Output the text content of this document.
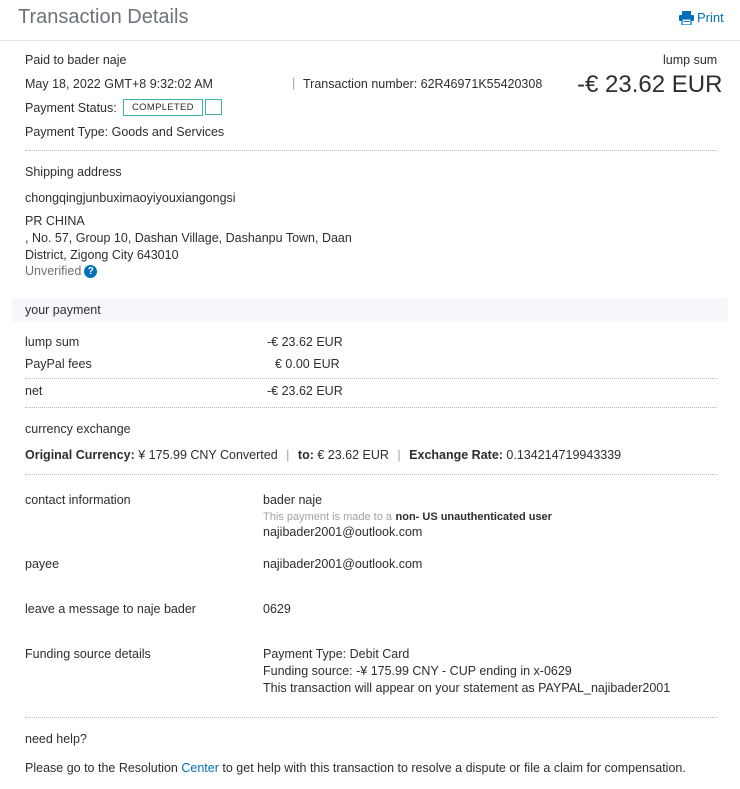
Transaction Details	Print
Paid to bader naje
May 18, 2022 GMT+8 9:32:02 AM	| Transaction number: 62R46971K55420308
lump sum
-€ 23.62 EUR
Payment Status:	COMPLETED
Payment Type: Goods and Services
Shipping address
chongqingjunbuximaoyiyouxiangongsi
PR CHINA
, No. 57, Group 10, Dashan Village, Dashanpu Town, Daan
District, Zigong City 643010
Unverified ?
your payment
lump sum	-€ 23.62 EUR
PayPal fees	€ 0.00 EUR
net	-€ 23.62 EUR
currency exchange
Original Currency: ¥ 175.99 CNY Converted | to: € 23.62 EUR | Exchange Rate: 0.134214719943339
contact information	bader naje
This payment is made to a non- US unauthenticated user
najibader2001@outlook.com
payee	najibader2001@outlook.com
leave a message to naje bader	0629
Funding source details	Payment Type: Debit Card
Funding source: -¥ 175.99 CNY - CUP ending in x-0629
This transaction will appear on your statement as PAYPAL_najibader2001
need help?
Please go to the Resolution Center to get help with this transaction to resolve a dispute or file a claim for compensation.
